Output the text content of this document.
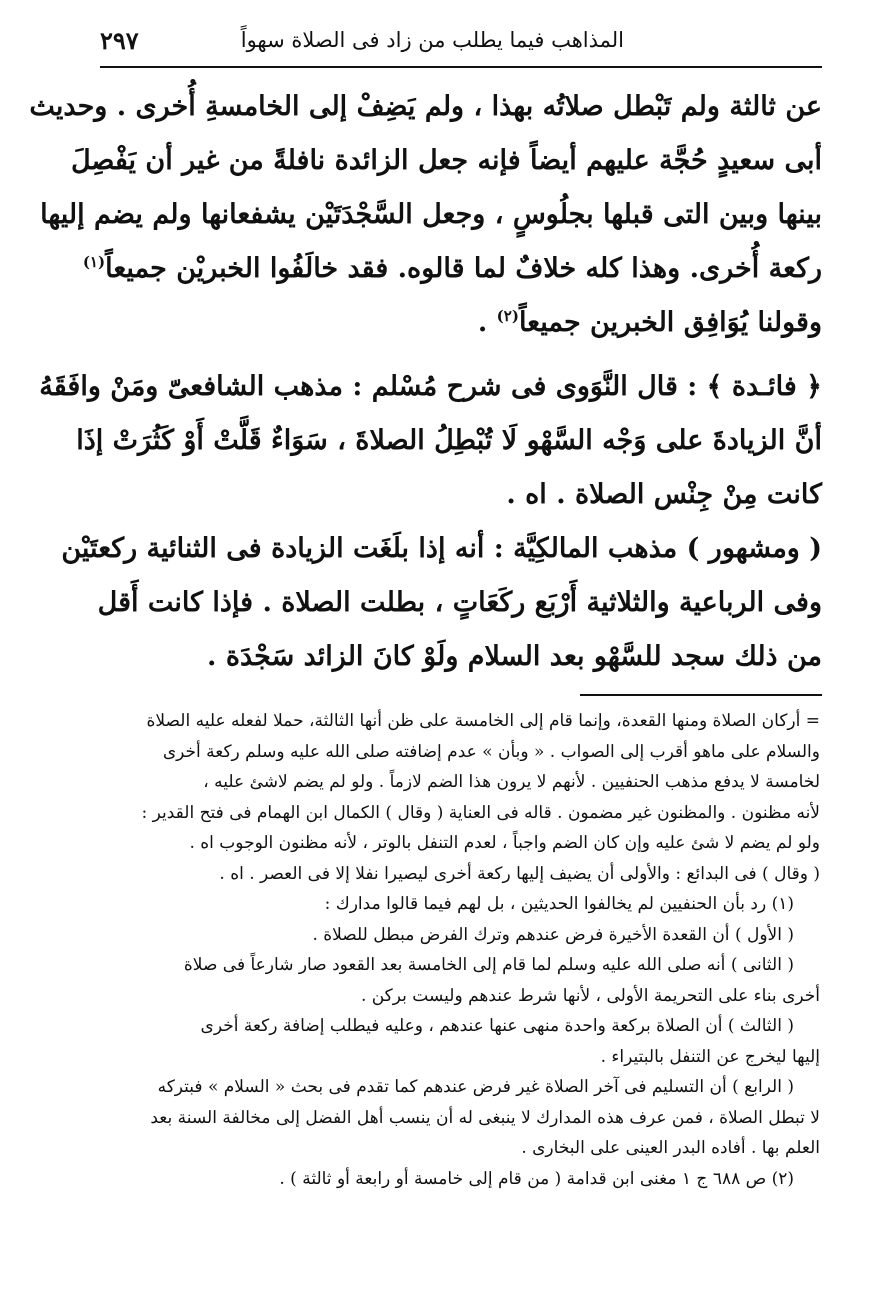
المذاهب فيما يطلب من زاد فى الصلاة سهواً
٢٩٧
عن ثالثة ولم تَبْطل صلاتُه بهذا ، ولم يَضِفْ إلى الخامسةِ أُخرى . وحديث
أبى سعيدٍ حُجَّة عليهم أيضاً فإنه جعل الزائدة نافلةً من غير أن يَفْصِلَ
بينها وبين التى قبلها بجلُوسٍ ، وجعل السَّجْدَتَيْن يشفعانها ولم يضم إليها
ركعة أُخرى. وهذا كله خلافٌ لما قالوه. فقد خالَفُوا الخبريْن جميعاً$^{(١)}$
وقولنا يُوَافِق الخبرين جميعاً$^{(٢)}$ .
﴿ فائـدة ﴾ : قال النَّوَوى فى شرح مُسْلم : مذهب الشافعىّ ومَنْ وافَقَهُ
أنَّ الزيادةَ على وَجْه السَّهْو لَا تُبْطِلُ الصلاةَ ، سَوَاءٌ قَلَّتْ أَوْ كَثُرَتْ إذَا
كانت مِنْ جِنْس الصلاة . اه .
( ومشهور ) مذهب المالكِيَّة : أنه إذا بلَغَت الزيادة فى الثنائية ركعتَيْن
وفى الرباعية والثلاثية أَرْبَع ركَعَاتٍ ، بطلت الصلاة . فإذا كانت أَقل
من ذلك سجد للسَّهْو بعد السلام ولَوْ كانَ الزائد سَجْدَة .
= أركان الصلاة ومنها القعدة، وإنما قام إلى الخامسة على ظن أنها الثالثة، حملا لفعله عليه الصلاة
والسلام على ماهو أقرب إلى الصواب . « وبأن » عدم إضافته صلى الله عليه وسلم ركعة أخرى
لخامسة لا يدفع مذهب الحنفيين . لأنهم لا يرون هذا الضم لازماً . ولو لم يضم لاشئ عليه ،
لأنه مظنون . والمظنون غير مضمون . قاله فى العناية ( وقال ) الكمال ابن الهمام فى فتح القدير :
ولو لم يضم لا شئ عليه وإن كان الضم واجباً ، لعدم التنفل بالوتر ، لأنه مظنون الوجوب اه .
( وقال ) فى البدائع : والأولى أن يضيف إليها ركعة أخرى ليصيرا نفلا إلا فى العصر . اه .
(١) رد بأن الحنفيين لم يخالفوا الحديثين ، بل لهم فيما قالوا مدارك :
( الأول ) أن القعدة الأخيرة فرض عندهم وترك الفرض مبطل للصلاة .
( الثانى ) أنه صلى الله عليه وسلم لما قام إلى الخامسة بعد القعود صار شارعاً فى صلاة
أخرى بناء على التحريمة الأولى ، لأنها شرط عندهم وليست بركن .
( الثالث ) أن الصلاة بركعة واحدة منهى عنها عندهم ، وعليه فيطلب إضافة ركعة أخرى
إليها ليخرج عن التنفل بالبتيراء .
( الرابع ) أن التسليم فى آخر الصلاة غير فرض عندهم كما تقدم فى بحث « السلام » فبتركه
لا تبطل الصلاة ، فمن عرف هذه المدارك لا ينبغى له أن ينسب أهل الفضل إلى مخالفة السنة بعد
العلم بها . أفاده البدر العينى على البخارى .
(٢) ص ٦٨٨ ج ١ مغنى ابن قدامة ( من قام إلى خامسة أو رابعة أو ثالثة ) .
